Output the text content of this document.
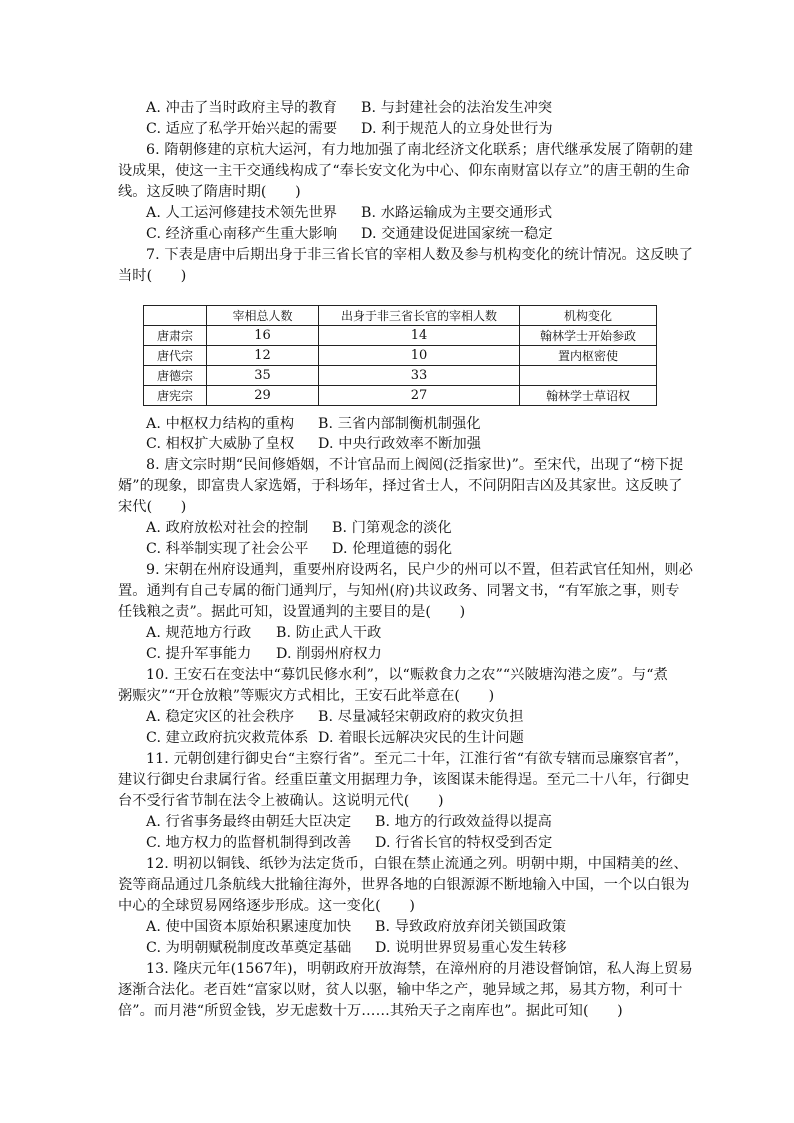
A. 冲击了当时政府主导的教育 B. 与封建社会的法治发生冲突
C. 适应了私学开始兴起的需要 D. 利于规范人的立身处世行为
6. 隋朝修建的京杭大运河，有力地加强了南北经济文化联系；唐代继承发展了隋朝的建
设成果，使这一主干交通线构成了“奉长安文化为中心、仰东南财富以存立”的唐王朝的生命
线。这反映了隋唐时期(　　)
A. 人工运河修建技术领先世界 B. 水路运输成为主要交通形式
C. 经济重心南移产生重大影响 D. 交通建设促进国家统一稳定
7. 下表是唐中后期出身于非三省长官的宰相人数及参与机构变化的统计情况。这反映了
当时(　　)
	宰相总人数	出身于非三省长官的宰相人数	机构变化
唐肃宗	16	14	翰林学士开始参政
唐代宗	12	10	置内枢密使
唐德宗	35	33	
唐宪宗	29	27	翰林学士草诏权
A. 中枢权力结构的重构 B. 三省内部制衡机制强化
C. 相权扩大威胁了皇权 D. 中央行政效率不断加强
8. 唐文宗时期“民间修婚姻，不计官品而上阀阅(泛指家世)”。至宋代，出现了“榜下捉
婿”的现象，即富贵人家选婿，于科场年，择过省士人，不问阴阳吉凶及其家世。这反映了
宋代(　　)
A. 政府放松对社会的控制 B. 门第观念的淡化
C. 科举制实现了社会公平 D. 伦理道德的弱化
9. 宋朝在州府设通判，重要州府设两名，民户少的州可以不置，但若武官任知州，则必
置。通判有自己专属的衙门通判厅，与知州(府)共议政务、同署文书，“有军旅之事，则专
任钱粮之责”。据此可知，设置通判的主要目的是(　　)
A. 规范地方行政 B. 防止武人干政
C. 提升军事能力 D. 削弱州府权力
10. 王安石在变法中“募饥民修水利”，以“赈救食力之农”“兴陂塘沟港之废”。与“煮
粥赈灾”“开仓放粮”等赈灾方式相比，王安石此举意在(　　)
A. 稳定灾区的社会秩序 B. 尽量减轻宋朝政府的救灾负担
C. 建立政府抗灾救荒体系 D. 着眼长远解决灾民的生计问题
11. 元朝创建行御史台“主察行省”。至元二十年，江淮行省“有欲专辖而忌廉察官者”，
建议行御史台隶属行省。经重臣董文用据理力争，该图谋未能得逞。至元二十八年，行御史
台不受行省节制在法令上被确认。这说明元代(　　)
A. 行省事务最终由朝廷大臣决定 B. 地方的行政效益得以提高
C. 地方权力的监督机制得到改善 D. 行省长官的特权受到否定
12. 明初以铜钱、纸钞为法定货币，白银在禁止流通之列。明朝中期，中国精美的丝、
瓷等商品通过几条航线大批输往海外，世界各地的白银源源不断地输入中国，一个以白银为
中心的全球贸易网络逐步形成。这一变化(　　)
A. 使中国资本原始积累速度加快 B. 导致政府放弃闭关锁国政策
C. 为明朝赋税制度改革奠定基础 D. 说明世界贸易重心发生转移
13. 隆庆元年(1567年)，明朝政府开放海禁，在漳州府的月港设督饷馆，私人海上贸易
逐渐合法化。老百姓“富家以财，贫人以驱，输中华之产，驰异域之邦，易其方物，利可十
倍”。而月港“所贸金钱，岁无虑数十万……其殆天子之南库也”。据此可知(　　)
